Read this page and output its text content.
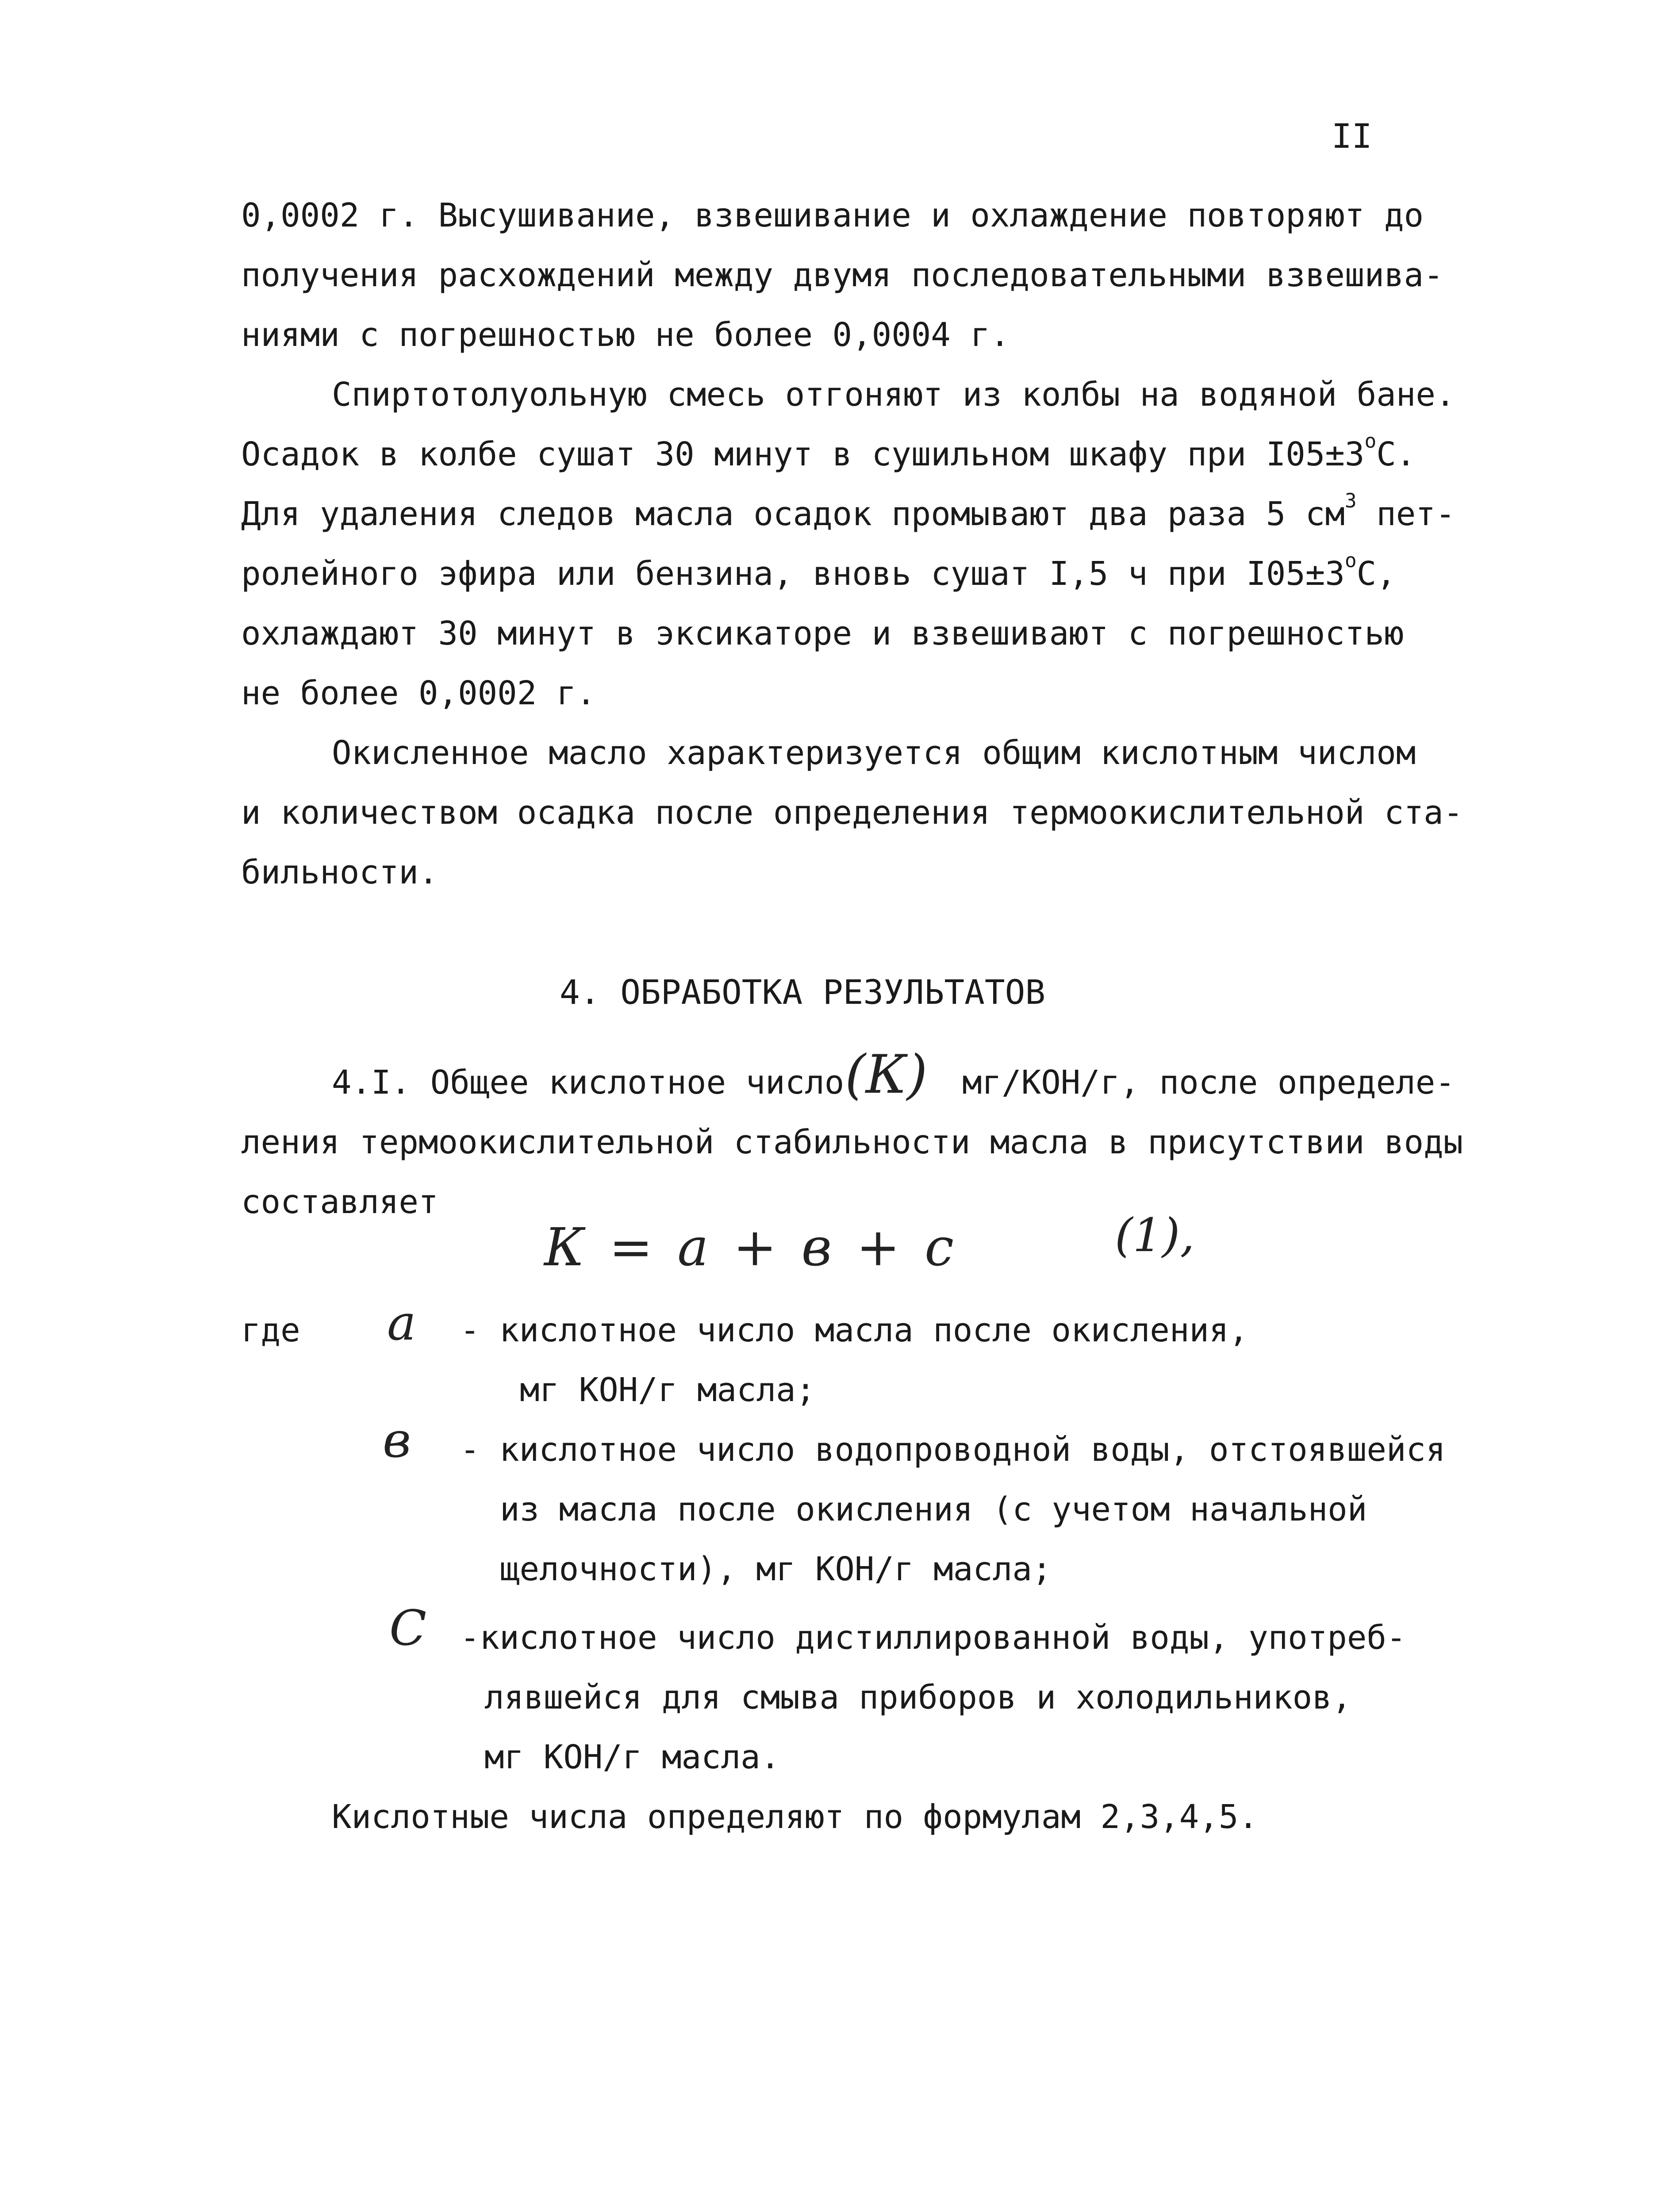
II
0,0002 г. Высушивание, взвешивание и охлаждение повторяют до
получения расхождений между двумя последовательными взвешива-
ниями с погрешностью не более 0,0004 г.
Спиртотолуольную смесь отгоняют из колбы на водяной бане.
Осадок в колбе сушат 30 минут в сушильном шкафу при $I05\pm 3^оС$.
Для удаления следов масла осадок промывают два раза 5 $см^3$ пет-
ролейного эфира или бензина, вновь сушат I,5 ч при $I05\pm 3^оС$,
охлаждают 30 минут в эксикаторе и взвешивают с погрешностью
не более 0,0002 г.
Окисленное масло характеризуется общим кислотным числом
и количеством осадка после определения термоокислительной ста-
бильности.
4. ОБРАБОТКА РЕЗУЛЬТАТОВ
4.I. Общее кислотное число (К) мг/КОН/г, после определе-
ления термоокислительной стабильности масла в присутствии воды
составляет
К = а + в + с	(1),
где а - кислотное число масла после окисления,
мг КОН/г масла;
в - кислотное число водопроводной воды, отстоявшейся
из масла после окисления (с учетом начальной
щелочности), мг КОН/г масла;
С -кислотное число дистиллированной воды, употреб-
лявшейся для смыва приборов и холодильников,
мг КОН/г масла.
Кислотные числа определяют по формулам 2,3,4,5.
